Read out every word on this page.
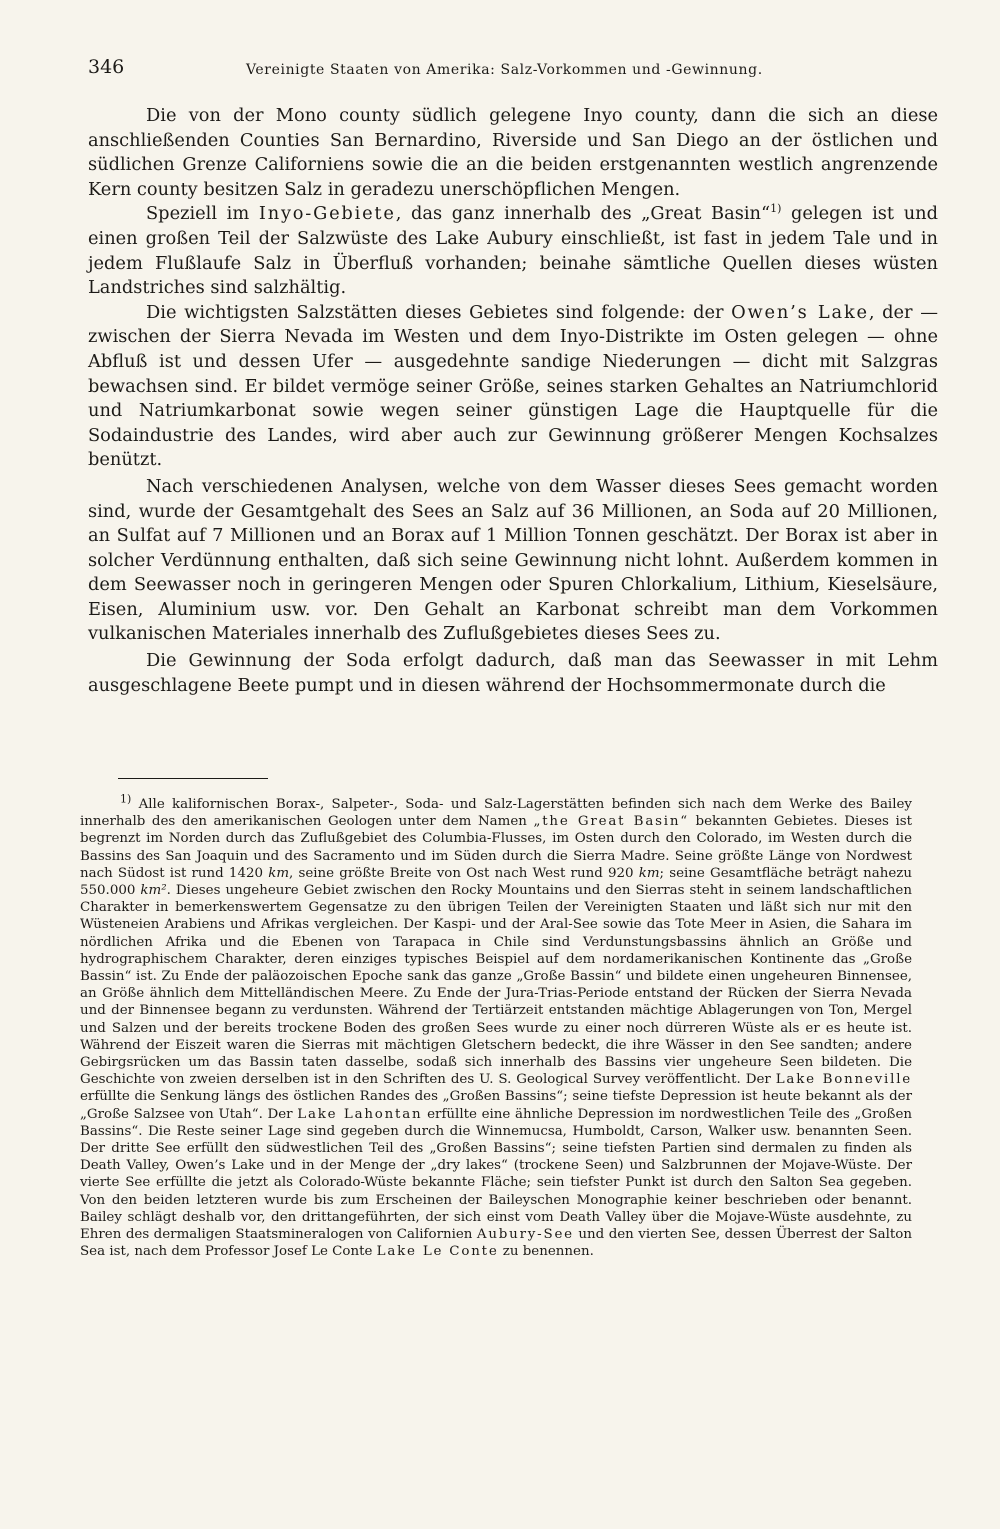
346	Vereinigte Staaten von Amerika: Salz-Vorkommen und -Gewinnung.

Die von der Mono county südlich gelegene Inyo county, dann die sich an diese anschließenden Counties San Bernardino, Riverside und San Diego an der östlichen und südlichen Grenze Californiens sowie die an die beiden erstgenannten westlich angrenzende Kern county besitzen Salz in geradezu unerschöpflichen Mengen.

Speziell im Inyo-Gebiete, das ganz innerhalb des „Great Basin“$^{1)}$ gelegen ist und einen großen Teil der Salzwüste des Lake Aubury einschließt, ist fast in jedem Tale und in jedem Flußlaufe Salz in Überfluß vorhanden; beinahe sämtliche Quellen dieses wüsten Landstriches sind salzhältig.

Die wichtigsten Salzstätten dieses Gebietes sind folgende: der Owen’s Lake, der — zwischen der Sierra Nevada im Westen und dem Inyo-Distrikte im Osten gelegen — ohne Abfluß ist und dessen Ufer — ausgedehnte sandige Niederungen — dicht mit Salzgras bewachsen sind. Er bildet vermöge seiner Größe, seines starken Gehaltes an Natriumchlorid und Natriumkarbonat sowie wegen seiner günstigen Lage die Hauptquelle für die Sodaindustrie des Landes, wird aber auch zur Gewinnung größerer Mengen Kochsalzes benützt.

Nach verschiedenen Analysen, welche von dem Wasser dieses Sees gemacht worden sind, wurde der Gesamtgehalt des Sees an Salz auf 36 Millionen, an Soda auf 20 Millionen, an Sulfat auf 7 Millionen und an Borax auf 1 Million Tonnen geschätzt. Der Borax ist aber in solcher Verdünnung enthalten, daß sich seine Gewinnung nicht lohnt. Außerdem kommen in dem Seewasser noch in geringeren Mengen oder Spuren Chlorkalium, Lithium, Kieselsäure, Eisen, Aluminium usw. vor. Den Gehalt an Karbonat schreibt man dem Vorkommen vulkanischen Materiales innerhalb des Zuflußgebietes dieses Sees zu.

Die Gewinnung der Soda erfolgt dadurch, daß man das Seewasser in mit Lehm ausgeschlagene Beete pumpt und in diesen während der Hochsommermonate durch die

$^{1)}$ Alle kalifornischen Borax-, Salpeter-, Soda- und Salz-Lagerstätten befinden sich nach dem Werke des Bailey innerhalb des den amerikanischen Geologen unter dem Namen „the Great Basin“ bekannten Gebietes. Dieses ist begrenzt im Norden durch das Zuflußgebiet des Columbia-Flusses, im Osten durch den Colorado, im Westen durch die Bassins des San Joaquin und des Sacramento und im Süden durch die Sierra Madre. Seine größte Länge von Nordwest nach Südost ist rund 1420 km, seine größte Breite von Ost nach West rund 920 km; seine Gesamtfläche beträgt nahezu 550.000 km². Dieses ungeheure Gebiet zwischen den Rocky Mountains und den Sierras steht in seinem landschaftlichen Charakter in bemerkenswertem Gegensatze zu den übrigen Teilen der Vereinigten Staaten und läßt sich nur mit den Wüsteneien Arabiens und Afrikas vergleichen. Der Kaspi- und der Aral-See sowie das Tote Meer in Asien, die Sahara im nördlichen Afrika und die Ebenen von Tarapaca in Chile sind Verdunstungsbassins ähnlich an Größe und hydrographischem Charakter, deren einziges typisches Beispiel auf dem nordamerikanischen Kontinente das „Große Bassin“ ist. Zu Ende der paläozoischen Epoche sank das ganze „Große Bassin“ und bildete einen ungeheuren Binnensee, an Größe ähnlich dem Mittelländischen Meere. Zu Ende der Jura-Trias-Periode entstand der Rücken der Sierra Nevada und der Binnensee begann zu verdunsten. Während der Tertiärzeit entstanden mächtige Ablagerungen von Ton, Mergel und Salzen und der bereits trockene Boden des großen Sees wurde zu einer noch dürreren Wüste als er es heute ist. Während der Eiszeit waren die Sierras mit mächtigen Gletschern bedeckt, die ihre Wässer in den See sandten; andere Gebirgsrücken um das Bassin taten dasselbe, sodaß sich innerhalb des Bassins vier ungeheure Seen bildeten. Die Geschichte von zweien derselben ist in den Schriften des U. S. Geological Survey veröffentlicht. Der Lake Bonneville erfüllte die Senkung längs des östlichen Randes des „Großen Bassins“; seine tiefste Depression ist heute bekannt als der „Große Salzsee von Utah“. Der Lake Lahontan erfüllte eine ähnliche Depression im nordwestlichen Teile des „Großen Bassins“. Die Reste seiner Lage sind gegeben durch die Winnemucsa, Humboldt, Carson, Walker usw. benannten Seen. Der dritte See erfüllt den südwestlichen Teil des „Großen Bassins“; seine tiefsten Partien sind dermalen zu finden als Death Valley, Owen’s Lake und in der Menge der „dry lakes“ (trockene Seen) und Salzbrunnen der Mojave-Wüste. Der vierte See erfüllte die jetzt als Colorado-Wüste bekannte Fläche; sein tiefster Punkt ist durch den Salton Sea gegeben. Von den beiden letzteren wurde bis zum Erscheinen der Baileyschen Monographie keiner beschrieben oder benannt. Bailey schlägt deshalb vor, den drittangeführten, der sich einst vom Death Valley über die Mojave-Wüste ausdehnte, zu Ehren des dermaligen Staatsmineralogen von Californien Aubury-See und den vierten See, dessen Überrest der Salton Sea ist, nach dem Professor Josef Le Conte Lake Le Conte zu benennen.
